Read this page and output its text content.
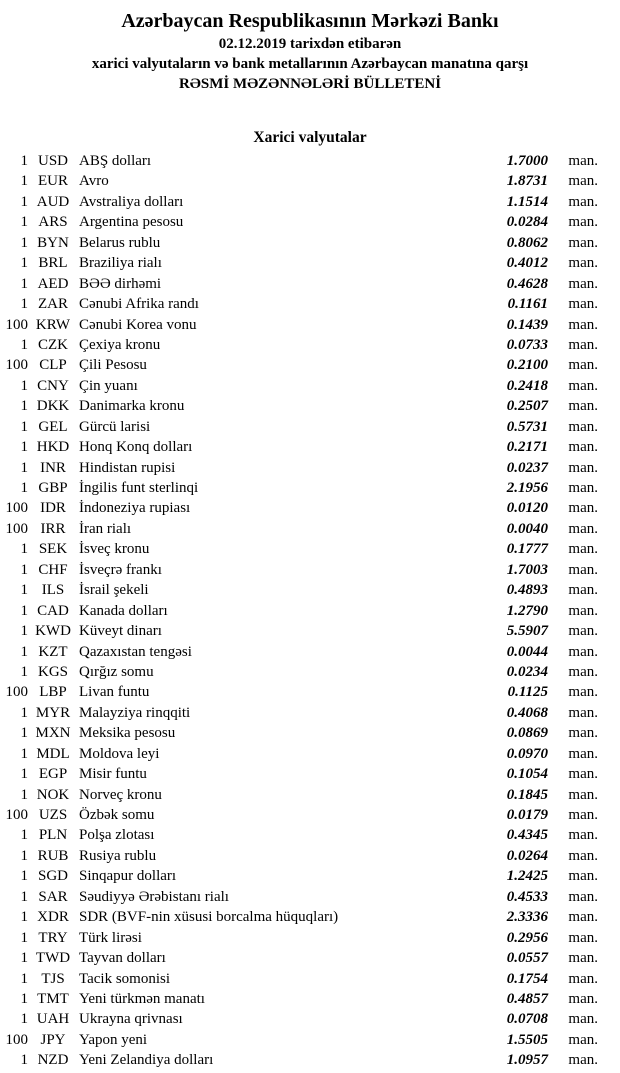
Azərbaycan Respublikasının Mərkəzi Bankı
02.12.2019 tarixdən etibarən
xarici valyutaların və bank metallarının Azərbaycan manatına qarşı
RƏSMİ MƏZƏNNƏLƏRİ BÜLLETENİ
Xarici valyutalar
1 USD ABŞ dolları	1.7000	man.
1 EUR Avro	1.8731	man.
1 AUD Avstraliya dolları	1.1514	man.
1 ARS Argentina pesosu	0.0284	man.
1 BYN Belarus rublu	0.8062	man.
1 BRL Braziliya rialı	0.4012	man.
1 AED BƏƏ dirhəmi	0.4628	man.
1 ZAR Cənubi Afrika randı	0.1161	man.
100 KRW Cənubi Korea vonu	0.1439	man.
1 CZK Çexiya kronu	0.0733	man.
100 CLP Çili Pesosu	0.2100	man.
1 CNY Çin yuanı	0.2418	man.
1 DKK Danimarka kronu	0.2507	man.
1 GEL Gürcü larisi	0.5731	man.
1 HKD Honq Konq dolları	0.2171	man.
1 INR Hindistan rupisi	0.0237	man.
1 GBP İngilis funt sterlinqi	2.1956	man.
100 IDR İndoneziya rupiası	0.0120	man.
100 IRR İran rialı	0.0040	man.
1 SEK İsveç kronu	0.1777	man.
1 CHF İsveçrə frankı	1.7003	man.
1 ILS İsrail şekeli	0.4893	man.
1 CAD Kanada dolları	1.2790	man.
1 KWD Küveyt dinarı	5.5907	man.
1 KZT Qazaxıstan tengəsi	0.0044	man.
1 KGS Qırğız somu	0.0234	man.
100 LBP Livan funtu	0.1125	man.
1 MYR Malayziya rinqqiti	0.4068	man.
1 MXN Meksika pesosu	0.0869	man.
1 MDL Moldova leyi	0.0970	man.
1 EGP Misir funtu	0.1054	man.
1 NOK Norveç kronu	0.1845	man.
100 UZS Özbək somu	0.0179	man.
1 PLN Polşa zlotası	0.4345	man.
1 RUB Rusiya rublu	0.0264	man.
1 SGD Sinqapur dolları	1.2425	man.
1 SAR Səudiyyə Ərəbistanı rialı	0.4533	man.
1 XDR SDR (BVF-nin xüsusi borcalma hüquqları)	2.3336	man.
1 TRY Türk lirəsi	0.2956	man.
1 TWD Tayvan dolları	0.0557	man.
1 TJS Tacik somonisi	0.1754	man.
1 TMT Yeni türkmən manatı	0.4857	man.
1 UAH Ukrayna qrivnası	0.0708	man.
100 JPY Yapon yeni	1.5505	man.
1 NZD Yeni Zelandiya dolları	1.0957	man.
